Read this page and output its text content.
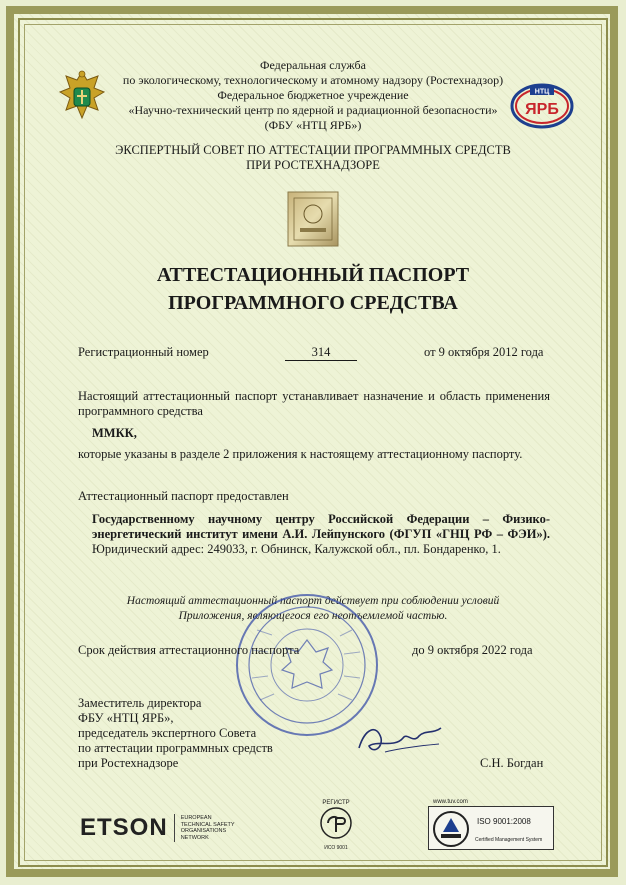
Федеральная служба
по экологическому, технологическому и атомному надзору (Ростехнадзор)
Федеральное бюджетное учреждение
«Научно-технический центр по ядерной и радиационной безопасности»
(ФБУ «НТЦ ЯРБ»)
НТЦ
ЯРБ
ЭКСПЕРТНЫЙ СОВЕТ ПО АТТЕСТАЦИИ ПРОГРАММНЫХ СРЕДСТВ
ПРИ РОСТЕХНАДЗОРЕ
АТТЕСТАЦИОННЫЙ ПАСПОРТ
ПРОГРАММНОГО СРЕДСТВА
Регистрационный номер	314	от 9 октября 2012 года
Настоящий аттестационный паспорт устанавливает назначение и область применения программного средства
ММКК,
которые указаны в разделе 2 приложения к настоящему аттестационному паспорту.
Аттестационный паспорт предоставлен
Государственному научному центру Российской Федерации – Физико-энергетический институт имени А.И. Лейпунского (ФГУП «ГНЦ РФ – ФЭИ»). Юридический адрес: 249033, г. Обнинск, Калужской обл., пл. Бондаренко, 1.
Настоящий аттестационный паспорт действует при соблюдении условий
Приложения, являющегося его неотъемлемой частью.
Срок действия аттестационного паспорта	до 9 октября 2022 года
Заместитель директора
ФБУ «НТЦ ЯРБ»,
председатель экспертного Совета
по аттестации программных средств
при Ростехнадзоре	С.Н. Богдан
ETSON EUROPEAN
TECHNICAL SAFETY
ORGANISATIONS
NETWORK
РЕГИСТР
ИСО 9001
www.tuv.com
ISO 9001:2008
Certified Management System
